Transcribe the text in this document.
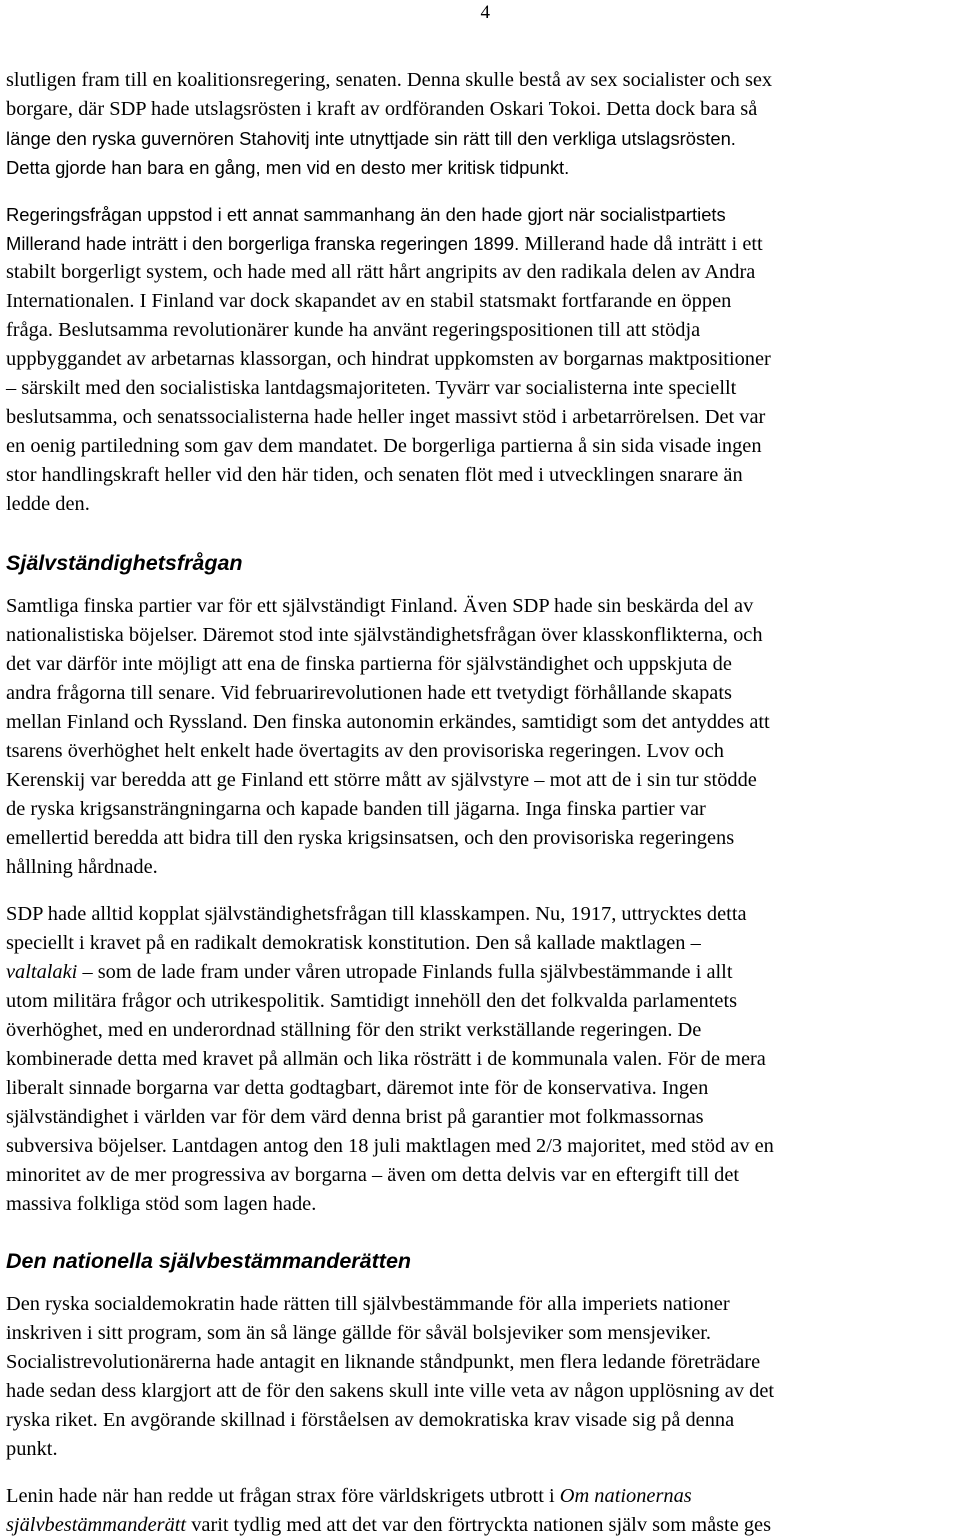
4
slutligen fram till en koalitionsregering, senaten. Denna skulle bestå av sex socialister och sex
borgare, där SDP hade utslagsrösten i kraft av ordföranden Oskari Tokoi. Detta dock bara så
länge den ryska guvernören Stahovitj inte utnyttjade sin rätt till den verkliga utslagsrösten.
Detta gjorde han bara en gång, men vid en desto mer kritisk tidpunkt.
Regeringsfrågan uppstod i ett annat sammanhang än den hade gjort när socialistpartiets
Millerand hade inträtt i den borgerliga franska regeringen 1899. Millerand hade då inträtt i ett
stabilt borgerligt system, och hade med all rätt hårt angripits av den radikala delen av Andra
Internationalen. I Finland var dock skapandet av en stabil statsmakt fortfarande en öppen
fråga. Beslutsamma revolutionärer kunde ha använt regeringspositionen till att stödja
uppbyggandet av arbetarnas klassorgan, och hindrat uppkomsten av borgarnas maktpositioner
– särskilt med den socialistiska lantdagsmajoriteten. Tyvärr var socialisterna inte speciellt
beslutsamma, och senatssocialisterna hade heller inget massivt stöd i arbetarrörelsen. Det var
en oenig partiledning som gav dem mandatet. De borgerliga partierna å sin sida visade ingen
stor handlingskraft heller vid den här tiden, och senaten flöt med i utvecklingen snarare än
ledde den.
Självständighetsfrågan
Samtliga finska partier var för ett självständigt Finland. Även SDP hade sin beskärda del av
nationalistiska böjelser. Däremot stod inte självständighetsfrågan över klasskonflikterna, och
det var därför inte möjligt att ena de finska partierna för självständighet och uppskjuta de
andra frågorna till senare. Vid februarirevolutionen hade ett tvetydigt förhållande skapats
mellan Finland och Ryssland. Den finska autonomin erkändes, samtidigt som det antyddes att
tsarens överhöghet helt enkelt hade övertagits av den provisoriska regeringen. Lvov och
Kerenskij var beredda att ge Finland ett större mått av självstyre – mot att de i sin tur stödde
de ryska krigsansträngningarna och kapade banden till jägarna. Inga finska partier var
emellertid beredda att bidra till den ryska krigsinsatsen, och den provisoriska regeringens
hållning hårdnade.
SDP hade alltid kopplat självständighetsfrågan till klasskampen. Nu, 1917, uttrycktes detta
speciellt i kravet på en radikalt demokratisk konstitution. Den så kallade maktlagen –
valtalaki – som de lade fram under våren utropade Finlands fulla självbestämmande i allt
utom militära frågor och utrikespolitik. Samtidigt innehöll den det folkvalda parlamentets
överhöghet, med en underordnad ställning för den strikt verkställande regeringen. De
kombinerade detta med kravet på allmän och lika rösträtt i de kommunala valen. För de mera
liberalt sinnade borgarna var detta godtagbart, däremot inte för de konservativa. Ingen
självständighet i världen var för dem värd denna brist på garantier mot folkmassornas
subversiva böjelser. Lantdagen antog den 18 juli maktlagen med 2/3 majoritet, med stöd av en
minoritet av de mer progressiva av borgarna – även om detta delvis var en eftergift till det
massiva folkliga stöd som lagen hade.
Den nationella självbestämmanderätten
Den ryska socialdemokratin hade rätten till självbestämmande för alla imperiets nationer
inskriven i sitt program, som än så länge gällde för såväl bolsjeviker som mensjeviker.
Socialistrevolutionärerna hade antagit en liknande ståndpunkt, men flera ledande företrädare
hade sedan dess klargjort att de för den sakens skull inte ville veta av någon upplösning av det
ryska riket. En avgörande skillnad i förståelsen av demokratiska krav visade sig på denna
punkt.
Lenin hade när han redde ut frågan strax före världskrigets utbrott i Om nationernas
självbestämmanderätt varit tydlig med att det var den förtryckta nationen själv som måste ges
